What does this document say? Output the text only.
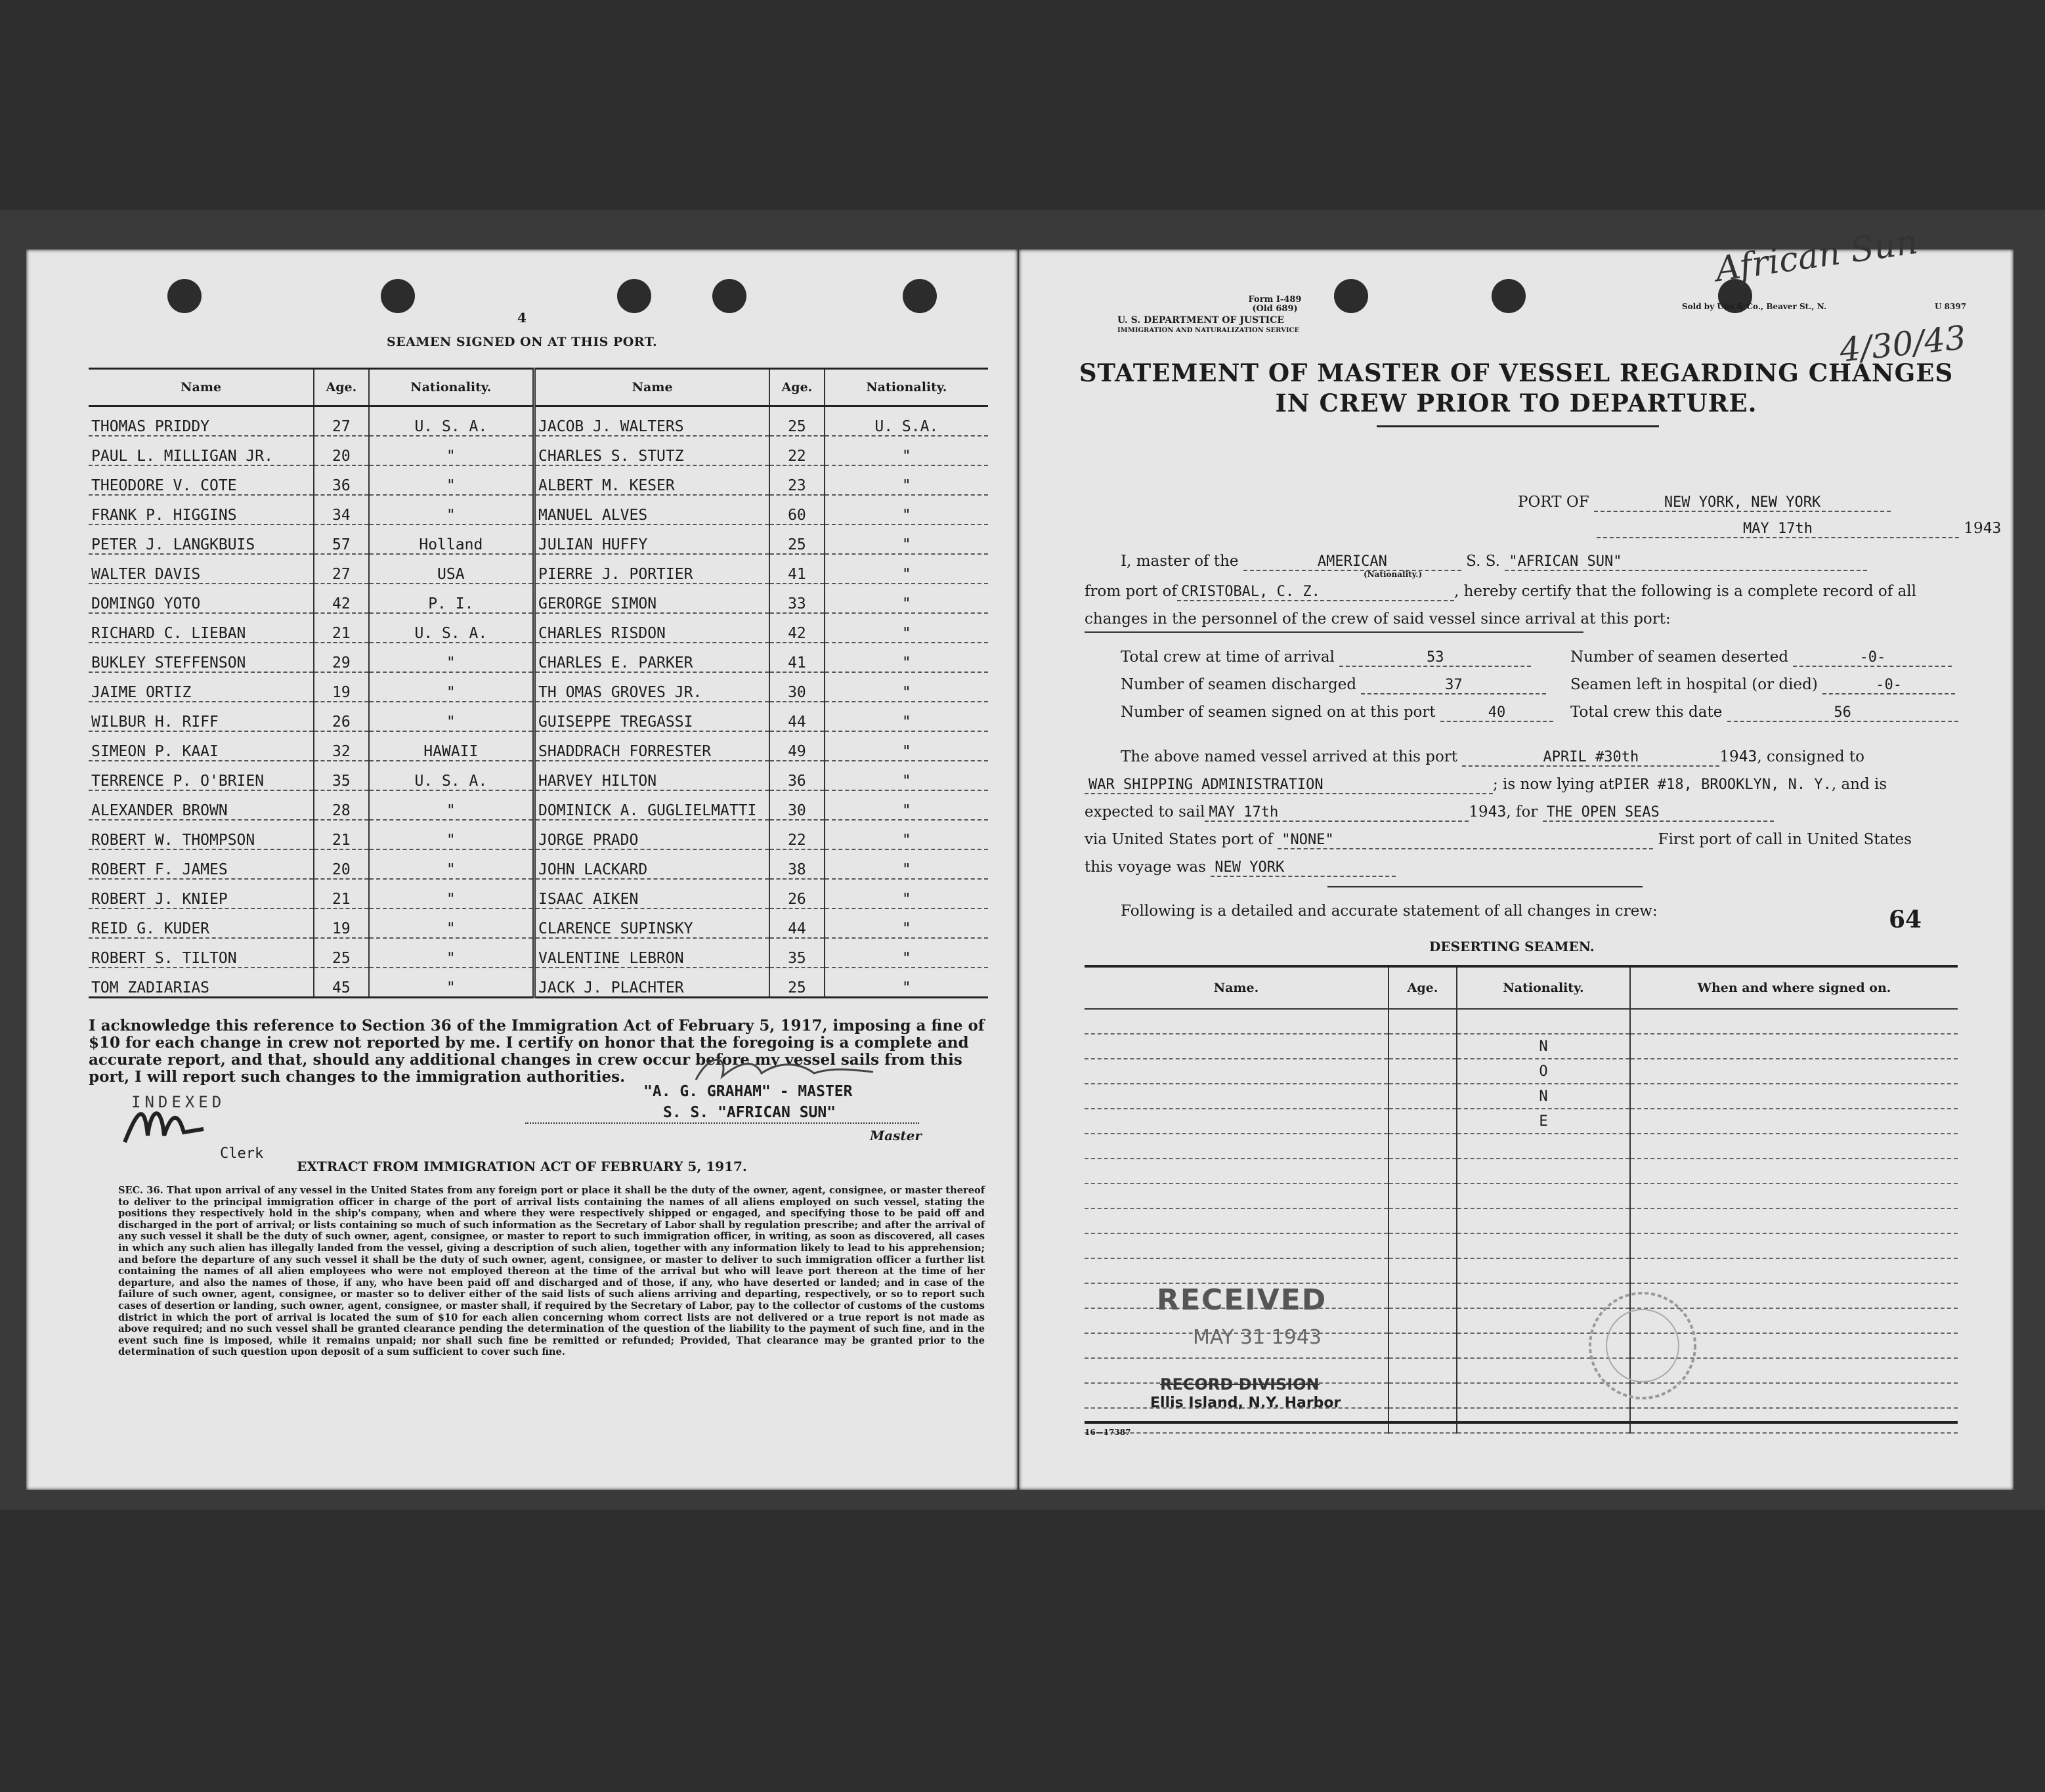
4
SEAMEN SIGNED ON AT THIS PORT.
Name	Age.	Nationality.	Name	Age.	Nationality.
THOMAS PRIDDY	27	U. S. A.	JACOB J. WALTERS	25	U. S.A.
PAUL L. MILLIGAN JR.	20	"	CHARLES S. STUTZ	22	"
THEODORE V. COTE	36	"	ALBERT M. KESER	23	"
FRANK P. HIGGINS	34	"	MANUEL ALVES	60	"
PETER J. LANGKBUIS	57	Holland	JULIAN HUFFY	25	"
WALTER DAVIS	27	USA	PIERRE J. PORTIER	41	"
DOMINGO YOTO	42	P. I.	GERORGE SIMON	33	"
RICHARD C. LIEBAN	21	U. S. A.	CHARLES RISDON	42	"
BUKLEY STEFFENSON	29	"	CHARLES E. PARKER	41	"
JAIME ORTIZ	19	"	TH OMAS GROVES JR.	30	"
WILBUR H. RIFF	26	"	GUISEPPE TREGASSI	44	"
SIMEON P. KAAI	32	HAWAII	SHADDRACH FORRESTER	49	"
TERRENCE P. O'BRIEN	35	U. S. A.	HARVEY HILTON	36	"
ALEXANDER BROWN	28	"	DOMINICK A. GUGLIELMATTI	30	"
ROBERT W. THOMPSON	21	"	JORGE PRADO	22	"
ROBERT F. JAMES	20	"	JOHN LACKARD	38	"
ROBERT J. KNIEP	21	"	ISAAC AIKEN	26	"
REID G. KUDER	19	"	CLARENCE SUPINSKY	44	"
ROBERT S. TILTON	25	"	VALENTINE LEBRON	35	"
TOM ZADIARIAS	45	"	JACK J. PLACHTER	25	"
I acknowledge this reference to Section 36 of the Immigration Act of February 5, 1917, imposing a fine of $10 for each change in crew not reported by me. I certify on honor that the foregoing is a complete and accurate report, and that, should any additional changes in crew occur before my vessel sails from this port, I will report such changes to the immigration authorities.
INDEXED
Clerk
"A. G. GRAHAM" - MASTER
S. S. "AFRICAN SUN"
Master
EXTRACT FROM IMMIGRATION ACT OF FEBRUARY 5, 1917.
SEC. 36. That upon arrival of any vessel in the United States from any foreign port or place it shall be the duty of the owner, agent, consignee, or master thereof to deliver to the principal immigration officer in charge of the port of arrival lists containing the names of all aliens employed on such vessel, stating the positions they respectively hold in the ship's company, when and where they were respectively shipped or engaged, and specifying those to be paid off and discharged in the port of arrival; or lists containing so much of such information as the Secretary of Labor shall by regulation prescribe; and after the arrival of any such vessel it shall be the duty of such owner, agent, consignee, or master to report to such immigration officer, in writing, as soon as discovered, all cases in which any such alien has illegally landed from the vessel, giving a description of such alien, together with any information likely to lead to his apprehension; and before the departure of any such vessel it shall be the duty of such owner, agent, consignee, or master to deliver to such immigration officer a further list containing the names of all alien employees who were not employed thereon at the time of the arrival but who will leave port thereon at the time of her departure, and also the names of those, if any, who have been paid off and discharged and of those, if any, who have deserted or landed; and in case of the failure of such owner, agent, consignee, or master so to deliver either of the said lists of such aliens arriving and departing, respectively, or so to report such cases of desertion or landing, such owner, agent, consignee, or master shall, if required by the Secretary of Labor, pay to the collector of customs of the customs district in which the port of arrival is located the sum of $10 for each alien concerning whom correct lists are not delivered or a true report is not made as above required; and no such vessel shall be granted clearance pending the determination of the question of the liability to the payment of such fine, and in the event such fine is imposed, while it remains unpaid; nor shall such fine be remitted or refunded; Provided, That clearance may be granted prior to the determination of such question upon deposit of a sum sufficient to cover such fine.
Form I-489
(Old 689)
U. S. DEPARTMENT OF JUSTICE
IMMIGRATION AND NATURALIZATION SERVICE
Sold by Uns & Co., Beaver St., N.	U 8397
African Sun
4/30/43
STATEMENT OF MASTER OF VESSEL REGARDING CHANGES
IN CREW PRIOR TO DEPARTURE.
PORT OF	NEW YORK, NEW YORK
MAY 17th	1943
I, master of the	AMERICAN	S. S. "AFRICAN SUN"
(Nationality.)
from port of CRISTOBAL, C. Z.	, hereby certify that the following is a complete record of all
changes in the personnel of the crew of said vessel since arrival at this port:
Total crew at time of arrival	53	Number of seamen deserted	-0-
Number of seamen discharged	37	Seamen left in hospital (or died)	-0-
Number of seamen signed on at this port	40	Total crew this date	56
The above named vessel arrived at this port	APRIL #30th	1943, consigned to
WAR SHIPPING ADMINISTRATION	; is now lying atPIER #18, BROOKLYN, N. Y., and is
expected to sail MAY 17th	1943, for THE OPEN SEAS
via United States port of "NONE"	First port of call in United States
this voyage was NEW YORK
Following is a detailed and accurate statement of all changes in crew:	64
DESERTING SEAMEN.
Name.	Age.	Nationality.	When and where signed on.

		N	
		O	
		N	
		E	

RECEIVED
MAY 31 1943
RECORD DIVISION
Ellis Island, N.Y. Harbor
16—17387
